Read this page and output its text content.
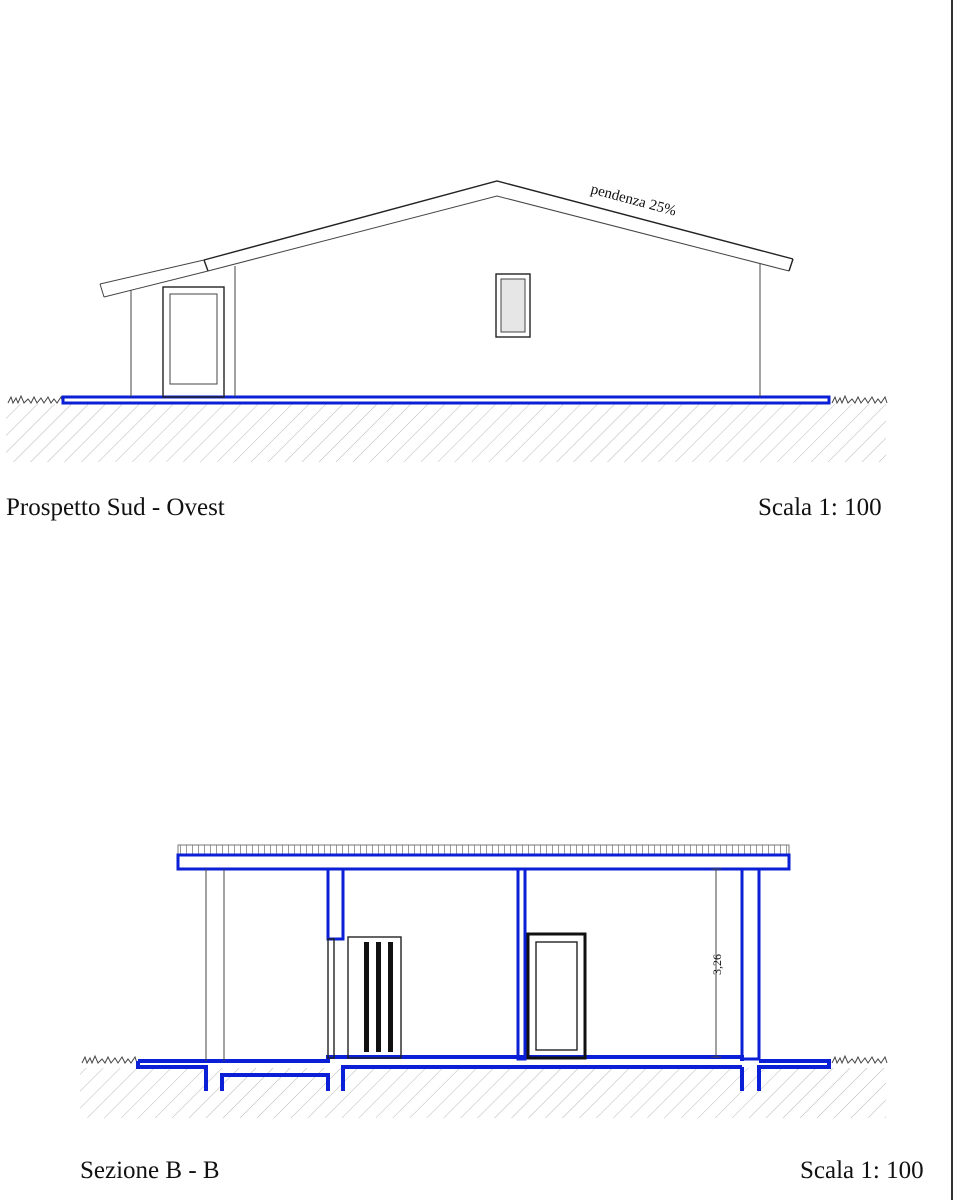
pendenza 25%
3,26
Prospetto Sud - Ovest	Scala 1: 100
Sezione B - B	Scala 1: 100
